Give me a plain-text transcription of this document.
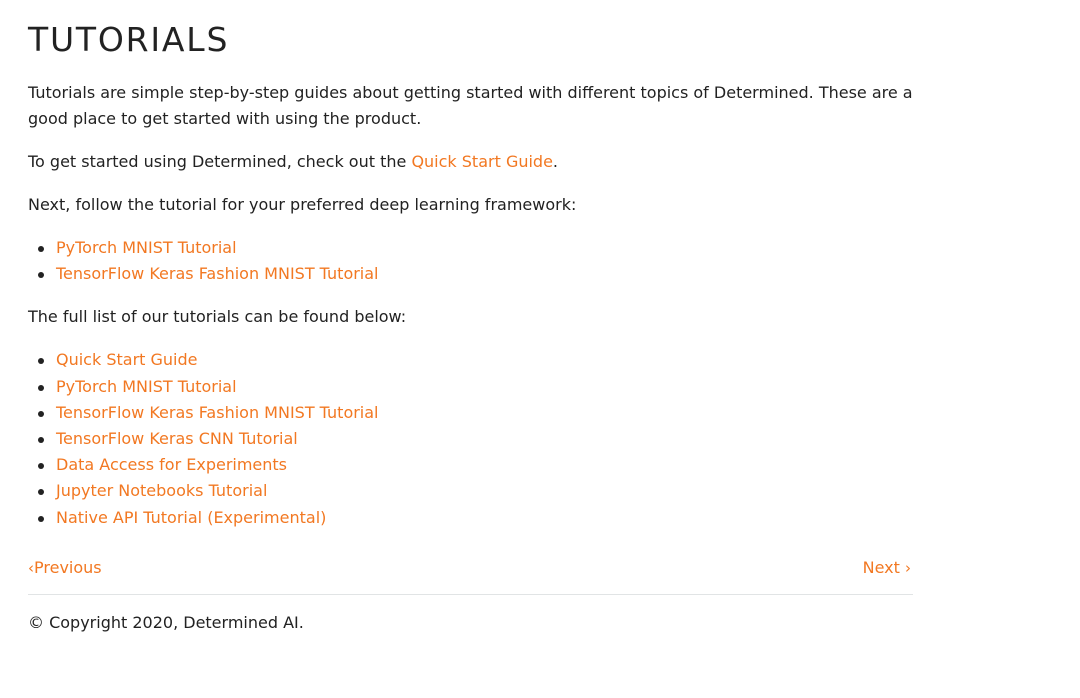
TUTORIALS

Tutorials are simple step-by-step guides about getting started with different topics of Determined. These are a good place to get started with using the product.

To get started using Determined, check out the Quick Start Guide.

Next, follow the tutorial for your preferred deep learning framework:

PyTorch MNIST Tutorial
TensorFlow Keras Fashion MNIST Tutorial

The full list of our tutorials can be found below:

Quick Start Guide
PyTorch MNIST Tutorial
TensorFlow Keras Fashion MNIST Tutorial
TensorFlow Keras CNN Tutorial
Data Access for Experiments
Jupyter Notebooks Tutorial
Native API Tutorial (Experimental)
‹Previous	Next ›
© Copyright 2020, Determined AI.
